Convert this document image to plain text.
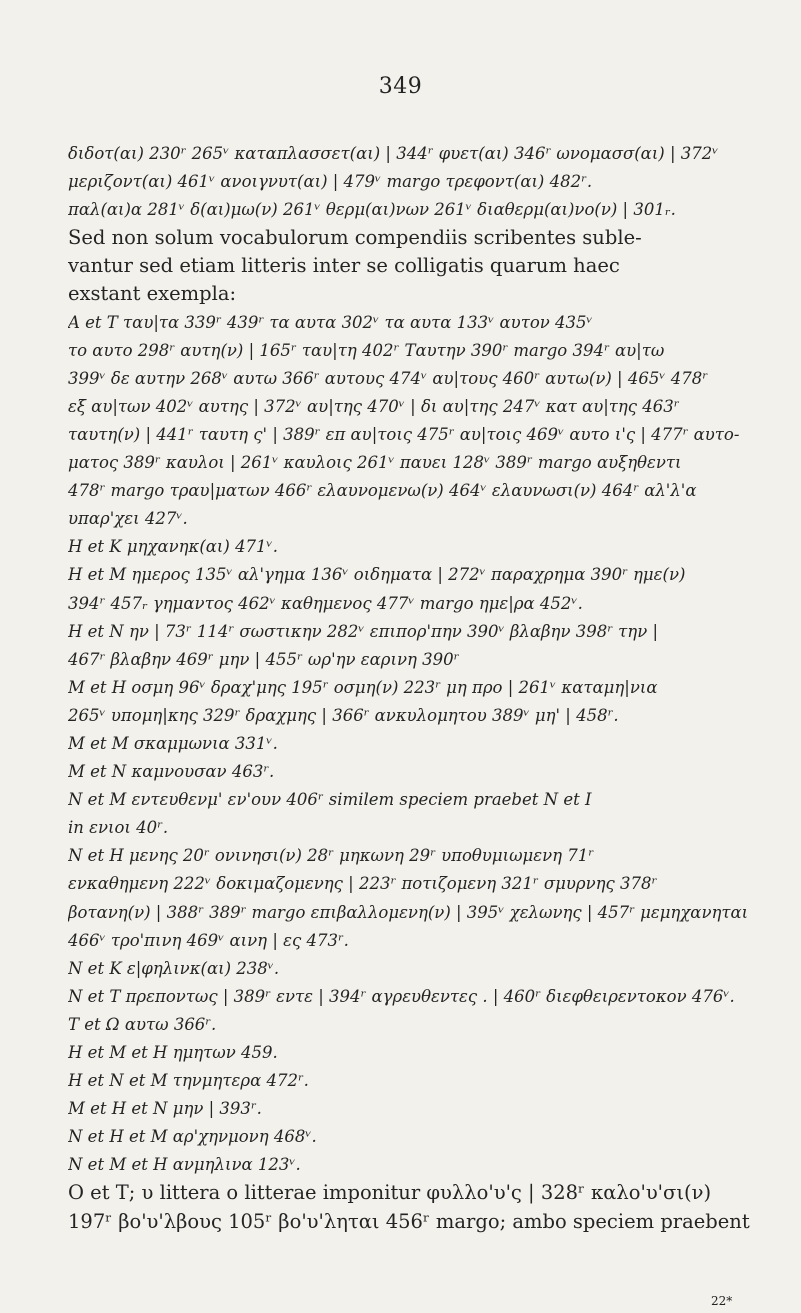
349
διδοτ(αι) 230ʳ 265ᵛ καταπλασσετ(αι) | 344ʳ φυετ(αι) 346ʳ ωνομασσ(αι) | 372ᵛ
μεριζοντ(αι) 461ᵛ ανοιγνυτ(αι) | 479ᵛ margo τρεφοντ(αι) 482ʳ.
παλ(αι)α 281ᵛ δ(αι)μω(ν) 261ᵛ θερμ(αι)νων 261ᵛ διαθερμ(αι)νο(ν) | 301ᵣ.
Sed non solum vocabulorum compendiis scribentes suble-
vantur sed etiam litteris inter se colligatis quarum haec
exstant exempla:
Α et Τ ταυ|τα 339ʳ 439ʳ τα αυτα 302ᵛ τα αυτα 133ᵛ αυτον 435ᵛ
το αυτο 298ʳ αυτη(ν) | 165ʳ ταυ|τη 402ʳ Ταυτην 390ʳ margo 394ʳ αυ|τω
399ᵛ δε αυτην 268ᵛ αυτω 366ʳ αυτους 474ᵛ αυ|τους 460ʳ αυτω(ν) | 465ᵛ 478ʳ
εξ αυ|των 402ᵛ αυτης | 372ᵛ αυ|της 470ᵛ | δι αυ|της 247ᵛ κατ αυ|της 463ʳ
ταυτη(ν) | 441ʳ ταυτη ς' | 389ʳ επ αυ|τοις 475ʳ αυ|τοις 469ᵛ αυτο ι'ς | 477ʳ αυτο-
ματος 389ʳ καυλοι | 261ᵛ καυλοις 261ᵛ παυει 128ᵛ 389ʳ margo αυξηθεντι
478ʳ margo τραυ|ματων 466ʳ ελαυνομενω(ν) 464ᵛ ελαυνωσι(ν) 464ʳ αλ'λ'α
υπαρ'χει 427ᵛ.
Η et Κ μηχανηκ(αι) 471ᵛ.
Η et Μ ημερος 135ᵛ αλ'γημα 136ᵛ οιδηματα | 272ᵛ παραχρημα 390ʳ ημε(ν)
394ʳ 457ᵣ γημαντος 462ᵛ καθημενος 477ᵛ margo ημε|ρα 452ᵛ.
Η et Ν ην | 73ʳ 114ʳ σωστικην 282ᵛ επιπορ'πην 390ᵛ βλαβην 398ʳ την |
467ʳ βλαβην 469ʳ μην | 455ʳ ωρ'ην εαρινη 390ʳ
Μ et Η οσμη 96ᵛ δραχ'μης 195ʳ οσμη(ν) 223ʳ μη προ | 261ᵛ καταμη|νια
265ᵛ υπομη|κης 329ʳ δραχμης | 366ʳ ανκυλομητου 389ᵛ μη' | 458ʳ.
Μ et Μ σκαμμωνια 331ᵛ.
Μ et Ν καμνουσαν 463ʳ.
Ν et Μ εντευθενμ' εν'ουν 406ʳ similem speciem praebet Ν et Ι
in ενιοι 40ʳ.
Ν et Η μενης 20ʳ ονινησι(ν) 28ʳ μηκωνη 29ʳ υποθυμιωμενη 71ʳ
ενκαθημενη 222ᵛ δοκιμαζομενης | 223ʳ ποτιζομενη 321ʳ σμυρνης 378ʳ
βοτανη(ν) | 388ʳ 389ʳ margo επιβαλλομενη(ν) | 395ᵛ χελωνης | 457ʳ μεμηχανηται
466ᵛ τρο'πινη 469ᵛ αινη | ες 473ʳ.
Ν et Κ ε|φηλινκ(αι) 238ᵛ.
Ν et Τ πρεποντως | 389ʳ εντε | 394ʳ αγρευθεντες . | 460ʳ διεφθειρεντοκον 476ᵛ.
Τ et Ω αυτω 366ʳ.
Η et Μ et Η ημητων 459.
Η et Ν et Μ τηνμητερα 472ʳ.
Μ et Η et Ν μην | 393ʳ.
Ν et Η et Μ αρ'χηνμονη 468ᵛ.
Ν et Μ et Η ανμηλινα 123ᵛ.
Ο et Τ; υ littera ο litterae imponitur φυλλο'υ'ς | 328ʳ καλο'υ'σι(ν)
197ʳ βο'υ'λβους 105ʳ βο'υ'ληται 456ʳ margo; ambo speciem praebent
22*
